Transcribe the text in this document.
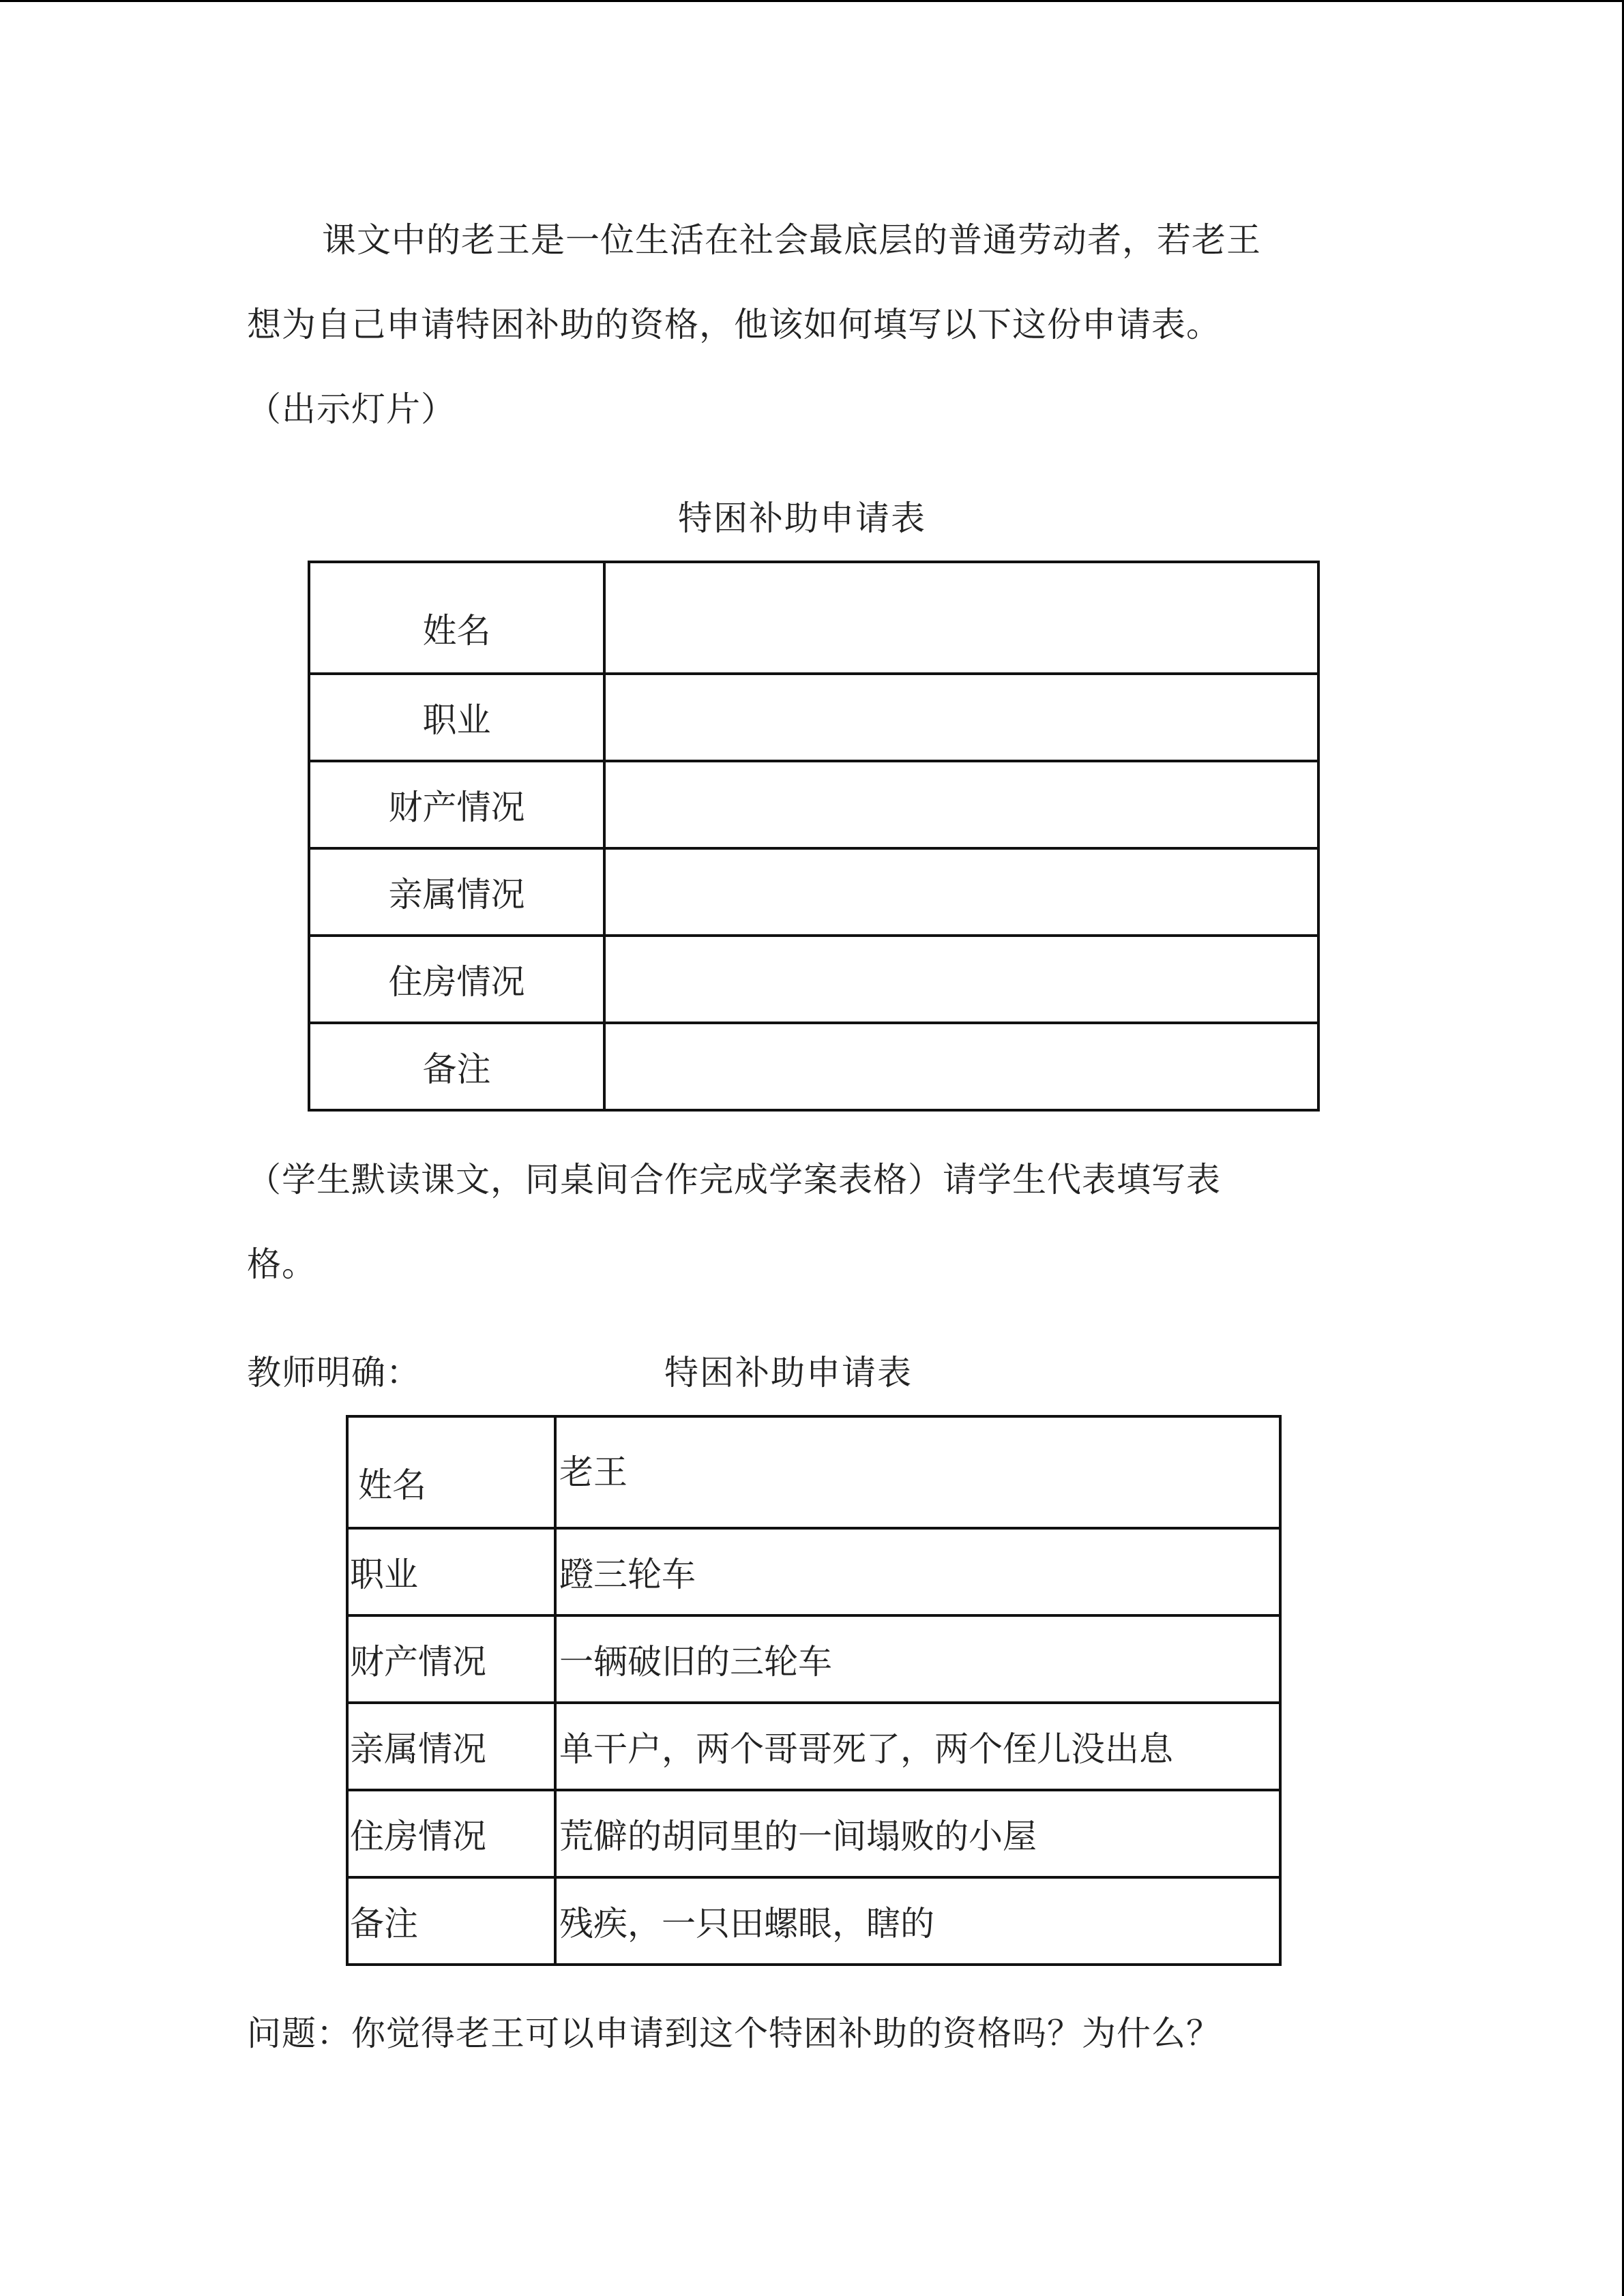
课文中的老王是一位生活在社会最底层的普通劳动者，若老王
想为自己申请特困补助的资格，他该如何填写以下这份申请表。
（出示灯片）
特困补助申请表
姓名	
职业	
财产情况	
亲属情况	
住房情况	
备注	
（学生默读课文，同桌间合作完成学案表格）请学生代表填写表
格。
教师明确：	特困补助申请表
姓名	老王
职业	蹬三轮车
财产情况	一辆破旧的三轮车
亲属情况	单干户，两个哥哥死了，两个侄儿没出息
住房情况	荒僻的胡同里的一间塌败的小屋
备注	残疾，一只田螺眼，瞎的
问题：你觉得老王可以申请到这个特困补助的资格吗？为什么？
